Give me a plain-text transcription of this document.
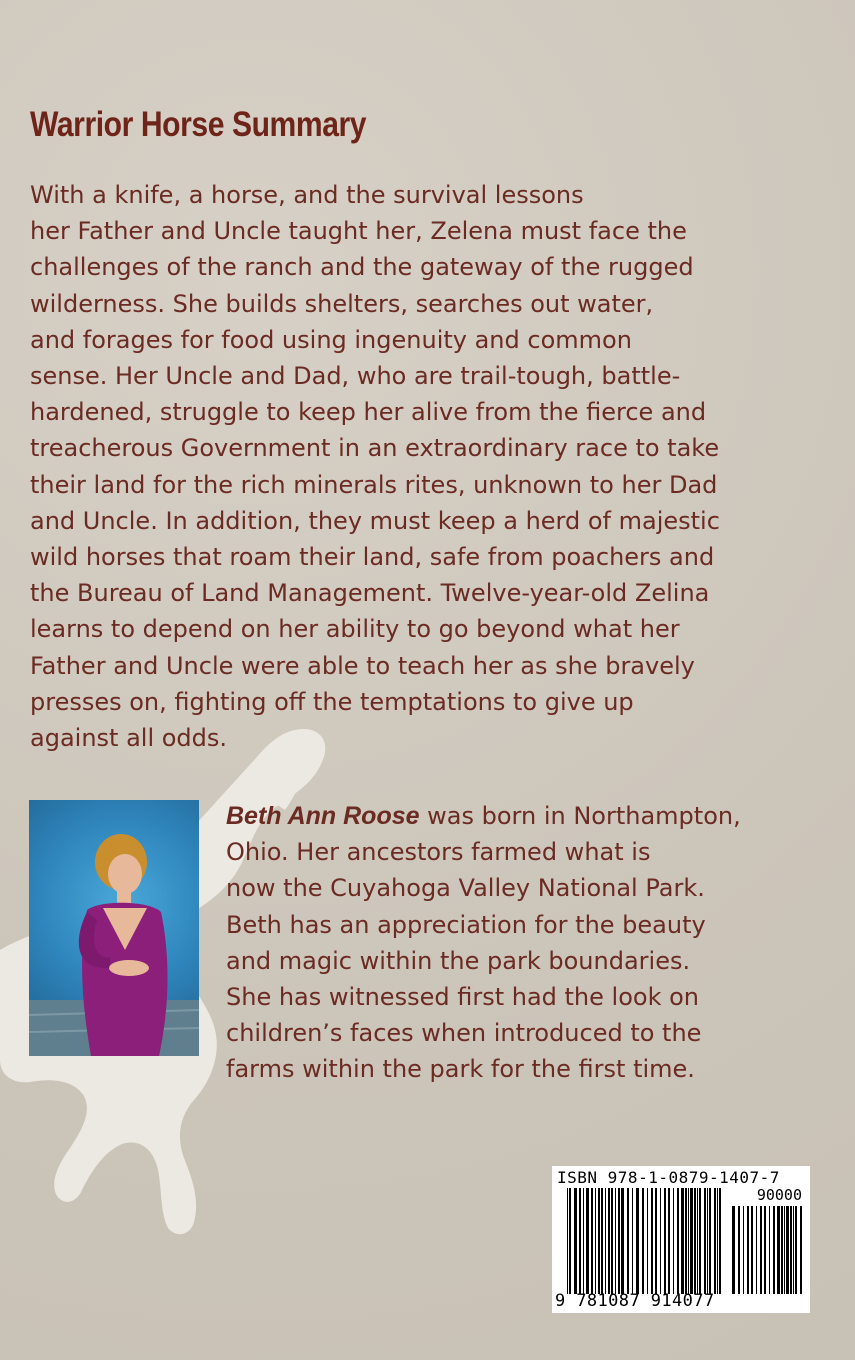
Warrior Horse Summary
With a knife, a horse, and the survival lessons
her Father and Uncle taught her, Zelena must face the
challenges of the ranch and the gateway of the rugged
wilderness. She builds shelters, searches out water,
and forages for food using ingenuity and common
sense. Her Uncle and Dad, who are trail-tough, battle-
hardened, struggle to keep her alive from the fierce and
treacherous Government in an extraordinary race to take
their land for the rich minerals rites, unknown to her Dad
and Uncle. In addition, they must keep a herd of majestic
wild horses that roam their land, safe from poachers and
the Bureau of Land Management. Twelve-year-old Zelina
learns to depend on her ability to go beyond what her
Father and Uncle were able to teach her as she bravely
presses on, fighting off the temptations to give up
against all odds.
Beth Ann Roose was born in Northampton,
Ohio. Her ancestors farmed what is
now the Cuyahoga Valley National Park.
Beth has an appreciation for the beauty
and magic within the park boundaries.
She has witnessed first had the look on
children’s faces when introduced to the
farms within the park for the first time.
ISBN 978-1-0879-1407-7
90000
9 781087 914077
